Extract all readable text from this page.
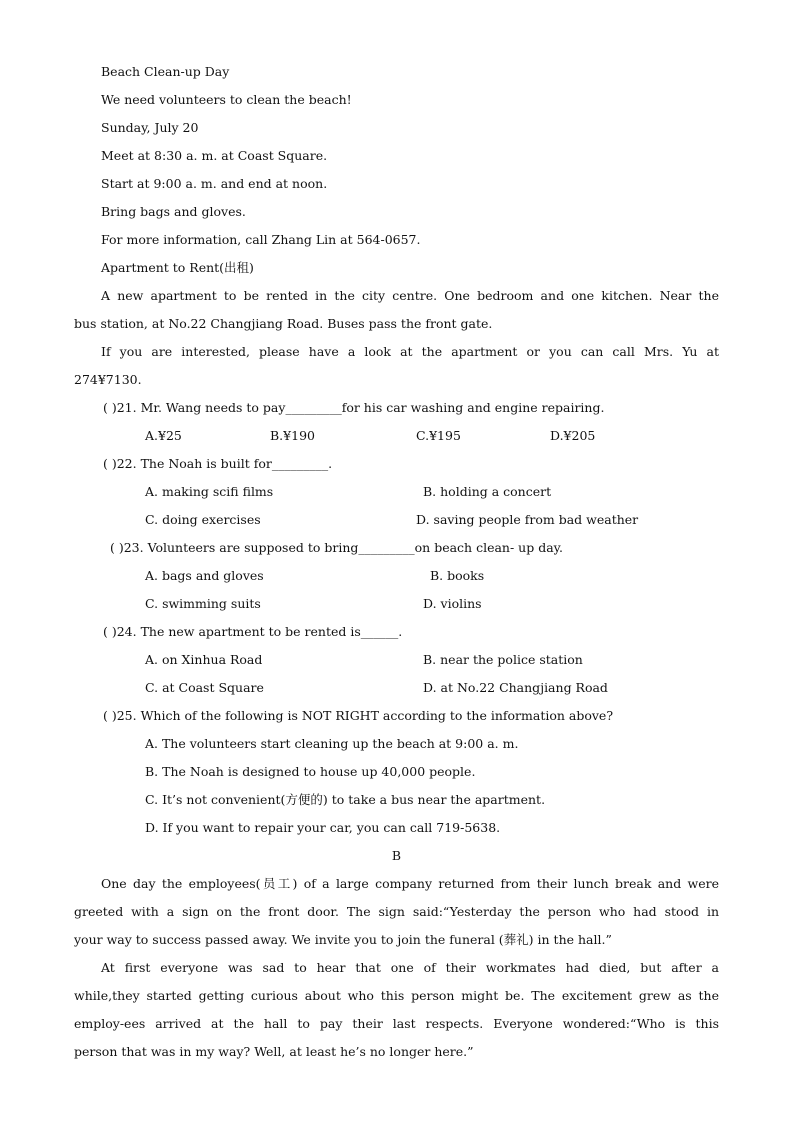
Beach Clean-up Day
We need volunteers to clean the beach!
Sunday, July 20
Meet at 8:30 a. m. at Coast Square.
Start at 9:00 a. m. and end at noon.
Bring bags and gloves.
For more information, call Zhang Lin at 564-0657.
Apartment to Rent(出租)
A new apartment to be rented in the city centre. One bedroom and one kitchen. Near the
bus station, at No.22 Changjiang Road. Buses pass the front gate.
If you are interested, please have a look at the apartment or you can call Mrs. Yu at
274¥7130.
( )21. Mr. Wang needs to pay_________for his car washing and engine repairing.
A.¥25	B.¥190	C.¥195	D.¥205
( )22. The Noah is built for_________.
A. making scifi films	B. holding a concert
C. doing exercises	D. saving people from bad weather
( )23. Volunteers are supposed to bring_________on beach clean- up day.
A. bags and gloves	B. books
C. swimming suits	D. violins
( )24. The new apartment to be rented is______.
A. on Xinhua Road	B. near the police station
C. at Coast Square	D. at No.22 Changjiang Road
( )25. Which of the following is NOT RIGHT according to the information above?
A. The volunteers start cleaning up the beach at 9:00 a. m.
B. The Noah is designed to house up 40,000 people.
C. It’s not convenient(方便的) to take a bus near the apartment.
D. If you want to repair your car, you can call 719-5638.
B
One day the employees(员工) of a large company returned from their lunch break and were
greeted with a sign on the front door. The sign said:“Yesterday the person who had stood in
your way to success passed away. We invite you to join the funeral (葬礼) in the hall.”
At first everyone was sad to hear that one of their workmates had died, but after a
while,they started getting curious about who this person might be. The excitement grew as the
employ-ees arrived at the hall to pay their last respects. Everyone wondered:“Who is this
person that was in my way? Well, at least he’s no longer here.”
